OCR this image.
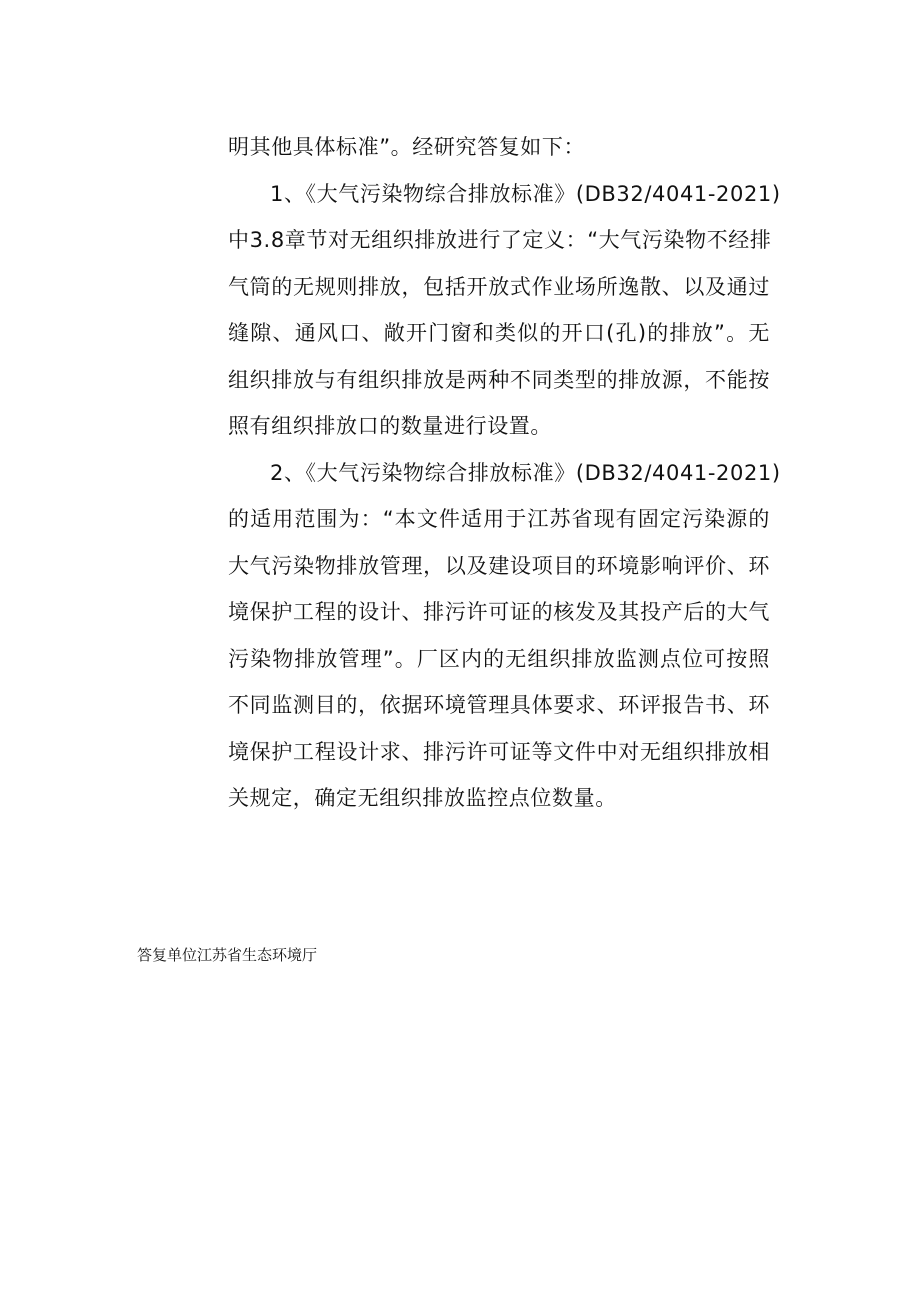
明其他具体标准”。经研究答复如下：
1、《大气污染物综合排放标准》(DB32/4041-2021)
中3.8章节对无组织排放进行了定义：“大气污染物不经排
气筒的无规则排放，包括开放式作业场所逸散、以及通过
缝隙、通风口、敞开门窗和类似的开口(孔)的排放”。无
组织排放与有组织排放是两种不同类型的排放源，不能按
照有组织排放口的数量进行设置。
2、《大气污染物综合排放标准》(DB32/4041-2021)
的适用范围为：“本文件适用于江苏省现有固定污染源的
大气污染物排放管理，以及建设项目的环境影响评价、环
境保护工程的设计、排污许可证的核发及其投产后的大气
污染物排放管理”。厂区内的无组织排放监测点位可按照
不同监测目的，依据环境管理具体要求、环评报告书、环
境保护工程设计求、排污许可证等文件中对无组织排放相
关规定，确定无组织排放监控点位数量。
答复单位江苏省生态环境厅
